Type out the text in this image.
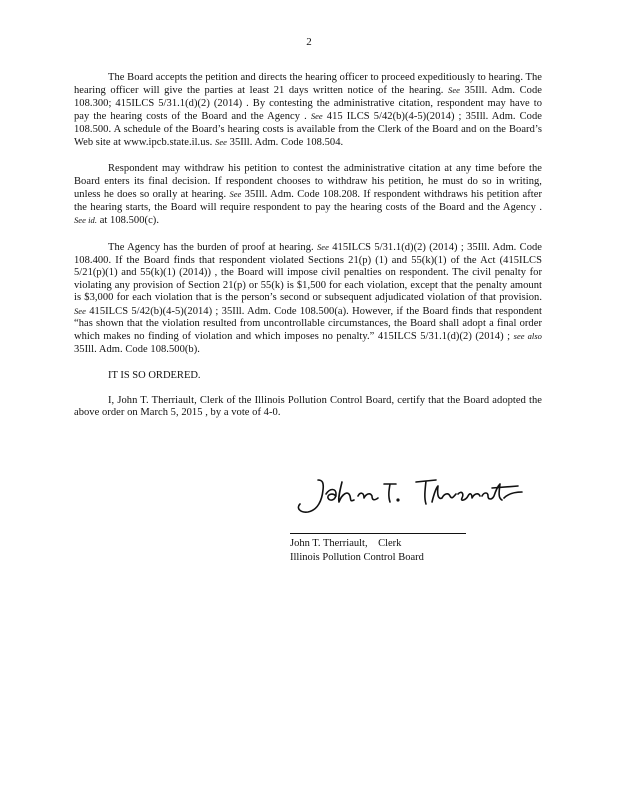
2

The Board accepts the petition and directs the hearing officer to proceed expeditiously to hearing. The hearing officer will give the parties at least 21 days written notice of the hearing. See 35Ill. Adm. Code 108.300; 415ILCS 5/31.1(d)(2) (2014) . By contesting the administrative citation, respondent may have to pay the hearing costs of the Board and the Agency . See 415 ILCS 5/42(b)(4-5)(2014) ; 35Ill. Adm. Code 108.500. A schedule of the Board’s hearing costs is available from the Clerk of the Board and on the Board’s Web site at www.ipcb.state.il.us. See 35Ill. Adm. Code 108.504.

Respondent may withdraw his petition to contest the administrative citation at any time before the Board enters its final decision. If respondent chooses to withdraw his petition, he must do so in writing, unless he does so orally at hearing. See 35Ill. Adm. Code 108.208. If respondent withdraws his petition after the hearing starts, the Board will require respondent to pay the hearing costs of the Board and the Agency . See id. at 108.500(c).

The Agency has the burden of proof at hearing. See 415ILCS 5/31.1(d)(2) (2014) ; 35Ill. Adm. Code 108.400. If the Board finds that respondent violated Sections 21(p) (1) and 55(k)(1) of the Act (415ILCS 5/21(p)(1) and 55(k)(1) (2014)) , the Board will impose civil penalties on respondent. The civil penalty for violating any provision of Section 21(p) or 55(k) is $1,500 for each violation, except that the penalty amount is $3,000 for each violation that is the person’s second or subsequent adjudicated violation of that provision. See 415ILCS 5/42(b)(4-5)(2014) ; 35Ill. Adm. Code 108.500(a). However, if the Board finds that respondent “has shown that the violation resulted from uncontrollable circumstances, the Board shall adopt a final order which makes no finding of violation and which imposes no penalty.” 415ILCS 5/31.1(d)(2) (2014) ; see also 35Ill. Adm. Code 108.500(b).

IT IS SO ORDERED.

I, John T. Therriault, Clerk of the Illinois Pollution Control Board, certify that the Board adopted the above order on March 5, 2015 , by a vote of 4-0.

John T. Therriault,    Clerk
Illinois Pollution Control Board
